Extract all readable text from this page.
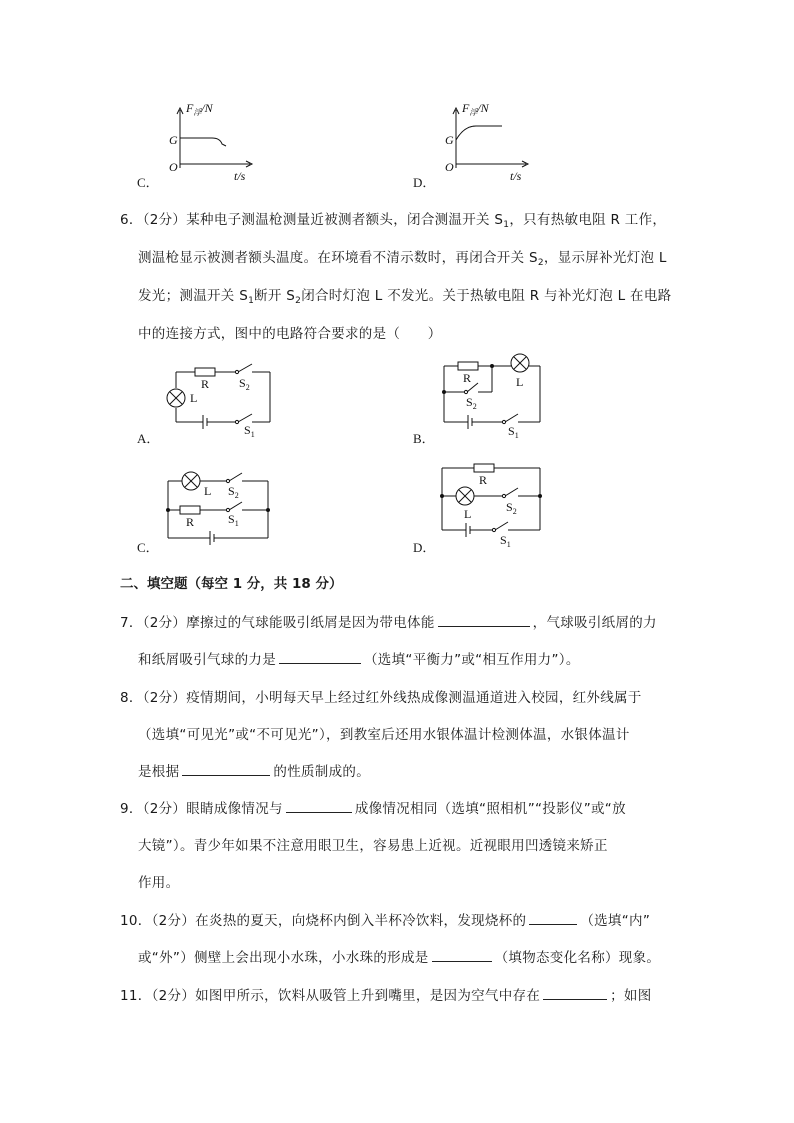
C．
$F_浮/N$
G
O
t/s	D．
$F_浮/N$
G
O
t/s
6．（2分）某种电子测温枪测量近被测者额头，闭合测温开关 $S_1$，只有热敏电阻 R 工作，
测温枪显示被测者额头温度。在环境看不清示数时，再闭合开关 $S_2$，显示屏补光灯泡 L
发光；测温开关 $S_1$断开 $S_2$闭合时灯泡 L 不发光。关于热敏电阻 R 与补光灯泡 L 在电路
中的连接方式，图中的电路符合要求的是（　　）
A．
R
L
$S_2$
$S_1$	B．
R	L
$S_2$
$S_1$
C．
L
R
$S_2$
$S_1$
D．
R
L	$S_2$
$S_1$
二、填空题（每空 1 分，共 18 分）
7．（2分）摩擦过的气球能吸引纸屑是因为带电体能	，气球吸引纸屑的力
和纸屑吸引气球的力是	（选填“平衡力”或“相互作用力”）。
8．（2分）疫情期间，小明每天早上经过红外线热成像测温通道进入校园，红外线属于
（选填“可见光”或“不可见光”），到教室后还用水银体温计检测体温，水银体温计
是根据	的性质制成的。
9．（2分）眼睛成像情况与	成像情况相同（选填“照相机”“投影仪”或“放
大镜”）。青少年如果不注意用眼卫生，容易患上近视。近视眼用凹透镜来矫正
作用。
10．（2分）在炎热的夏天，向烧杯内倒入半杯冷饮料，发现烧杯的	（选填“内”
或“外”）侧壁上会出现小水珠，小水珠的形成是	（填物态变化名称）现象。
11．（2分）如图甲所示，饮料从吸管上升到嘴里，是因为空气中存在	；如图
